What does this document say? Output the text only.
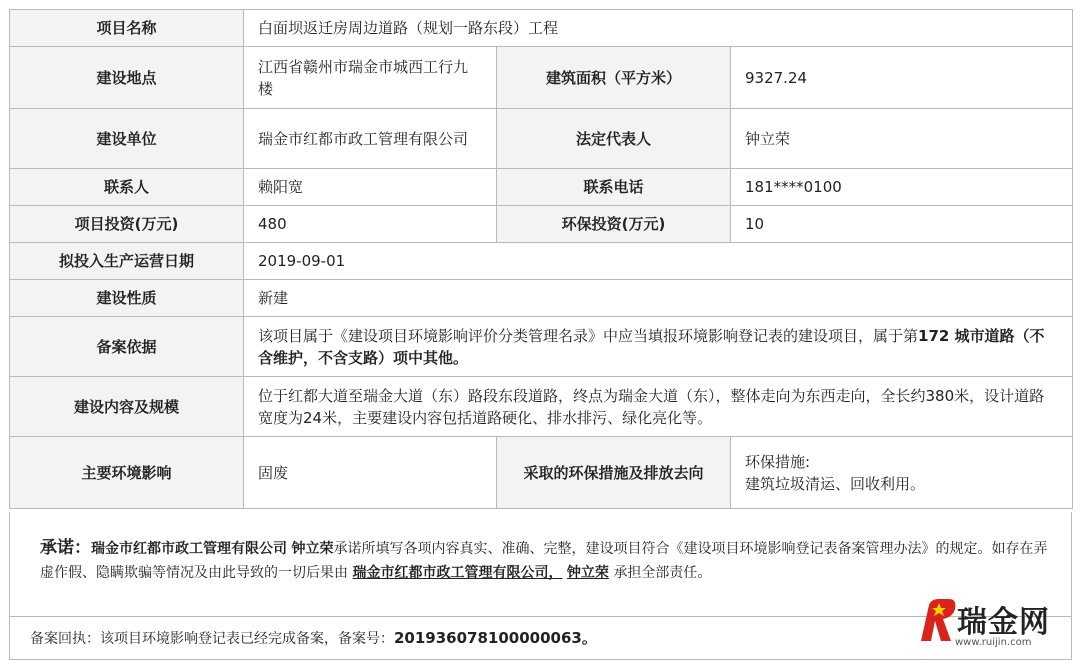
项目名称	白面坝返迁房周边道路（规划一路东段）工程		
建设地点	江西省赣州市瑞金市城西工行九楼	建筑面积（平方米）	9327.24
建设单位	瑞金市红都市政工管理有限公司	法定代表人	钟立荣
联系人	赖阳宽	联系电话	181****0100
项目投资(万元)	480	环保投资(万元)	10
拟投入生产运营日期	2019-09-01		
建设性质	新建		
备案依据	该项目属于《建设项目环境影响评价分类管理名录》中应当填报环境影响登记表的建设项目，属于第172 城市道路（不含维护，不含支路）项中其他。		
建设内容及规模	位于红都大道至瑞金大道（东）路段东段道路，终点为瑞金大道（东），整体走向为东西走向，全长约380米，设计道路宽度为24米，主要建设内容包括道路硬化、排水排污、绿化亮化等。		
主要环境影响	固废	采取的环保措施及排放去向	环保措施:
建筑垃圾清运、回收利用。
承诺：瑞金市红都市政工管理有限公司 钟立荣承诺所填写各项内容真实、准确、完整，建设项目符合《建设项目环境影响登记表备案管理办法》的规定。如存在弄虚作假、隐瞒欺骗等情况及由此导致的一切后果由 瑞金市红都市政工管理有限公司， 钟立荣 承担全部责任。
备案回执：该项目环境影响登记表已经完成备案，备案号：201936078100000063。	瑞金网
www.ruijin.com
